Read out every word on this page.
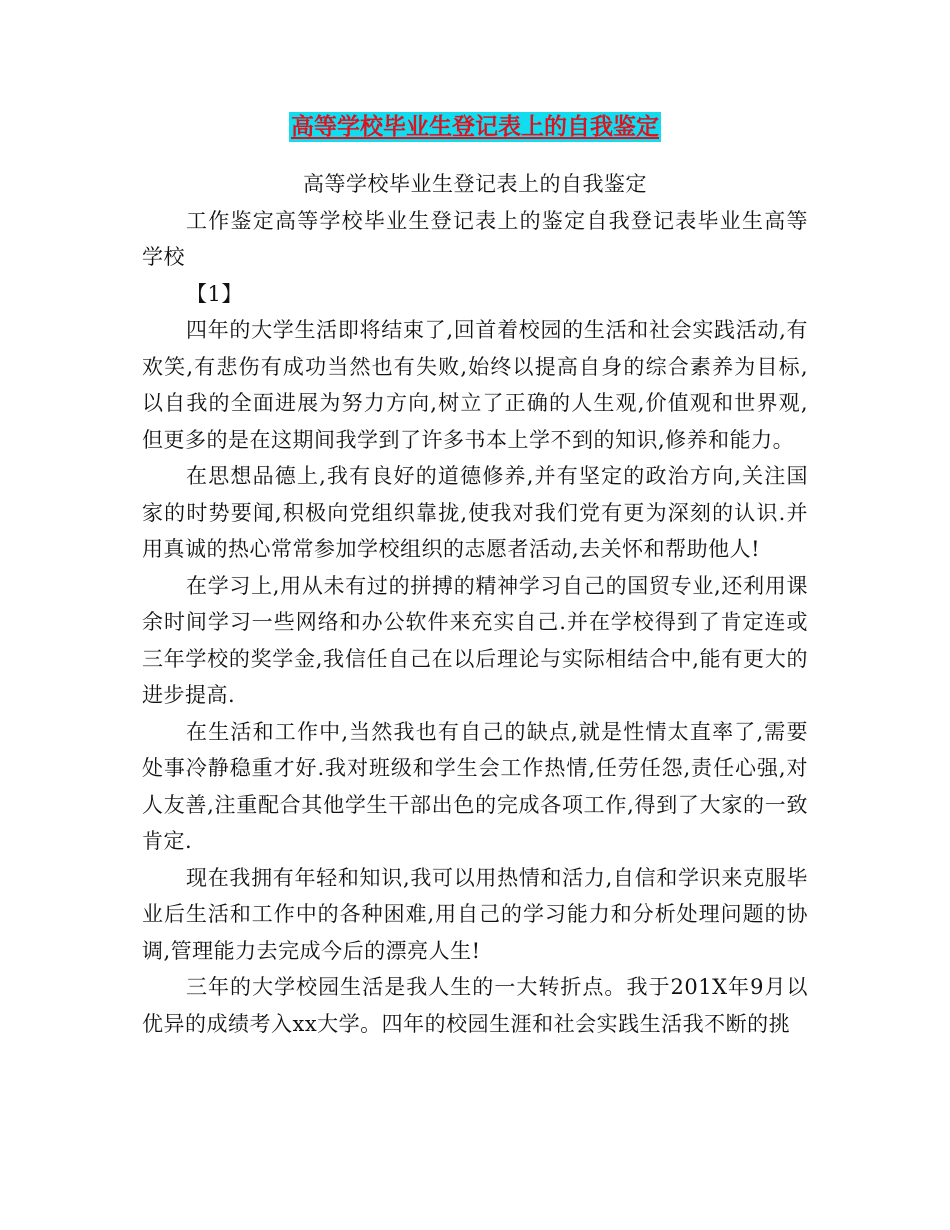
高等学校毕业生登记表上的自我鉴定

高等学校毕业生登记表上的自我鉴定

工作鉴定高等学校毕业生登记表上的鉴定自我登记表毕业生高等学校

【1】

四年的大学生活即将结束了,回首着校园的生活和社会实践活动,有欢笑,有悲伤有成功当然也有失败,始终以提高自身的综合素养为目标,以自我的全面进展为努力方向,树立了正确的人生观,价值观和世界观,但更多的是在这期间我学到了许多书本上学不到的知识,修养和能力。

在思想品德上,我有良好的道德修养,并有坚定的政治方向,关注国家的时势要闻,积极向党组织靠拢,使我对我们党有更为深刻的认识.并用真诚的热心常常参加学校组织的志愿者活动,去关怀和帮助他人!

在学习上,用从未有过的拼搏的精神学习自己的国贸专业,还利用课余时间学习一些网络和办公软件来充实自己.并在学校得到了肯定连或三年学校的奖学金,我信任自己在以后理论与实际相结合中,能有更大的进步提高.

在生活和工作中,当然我也有自己的缺点,就是性情太直率了,需要处事冷静稳重才好.我对班级和学生会工作热情,任劳任怨,责任心强,对人友善,注重配合其他学生干部出色的完成各项工作,得到了大家的一致肯定.

现在我拥有年轻和知识,我可以用热情和活力,自信和学识来克服毕业后生活和工作中的各种困难,用自己的学习能力和分析处理问题的协调,管理能力去完成今后的漂亮人生!

三年的大学校园生活是我人生的一大转折点。我于201X年9月以优异的成绩考入xx大学。四年的校园生涯和社会实践生活我不断的挑
